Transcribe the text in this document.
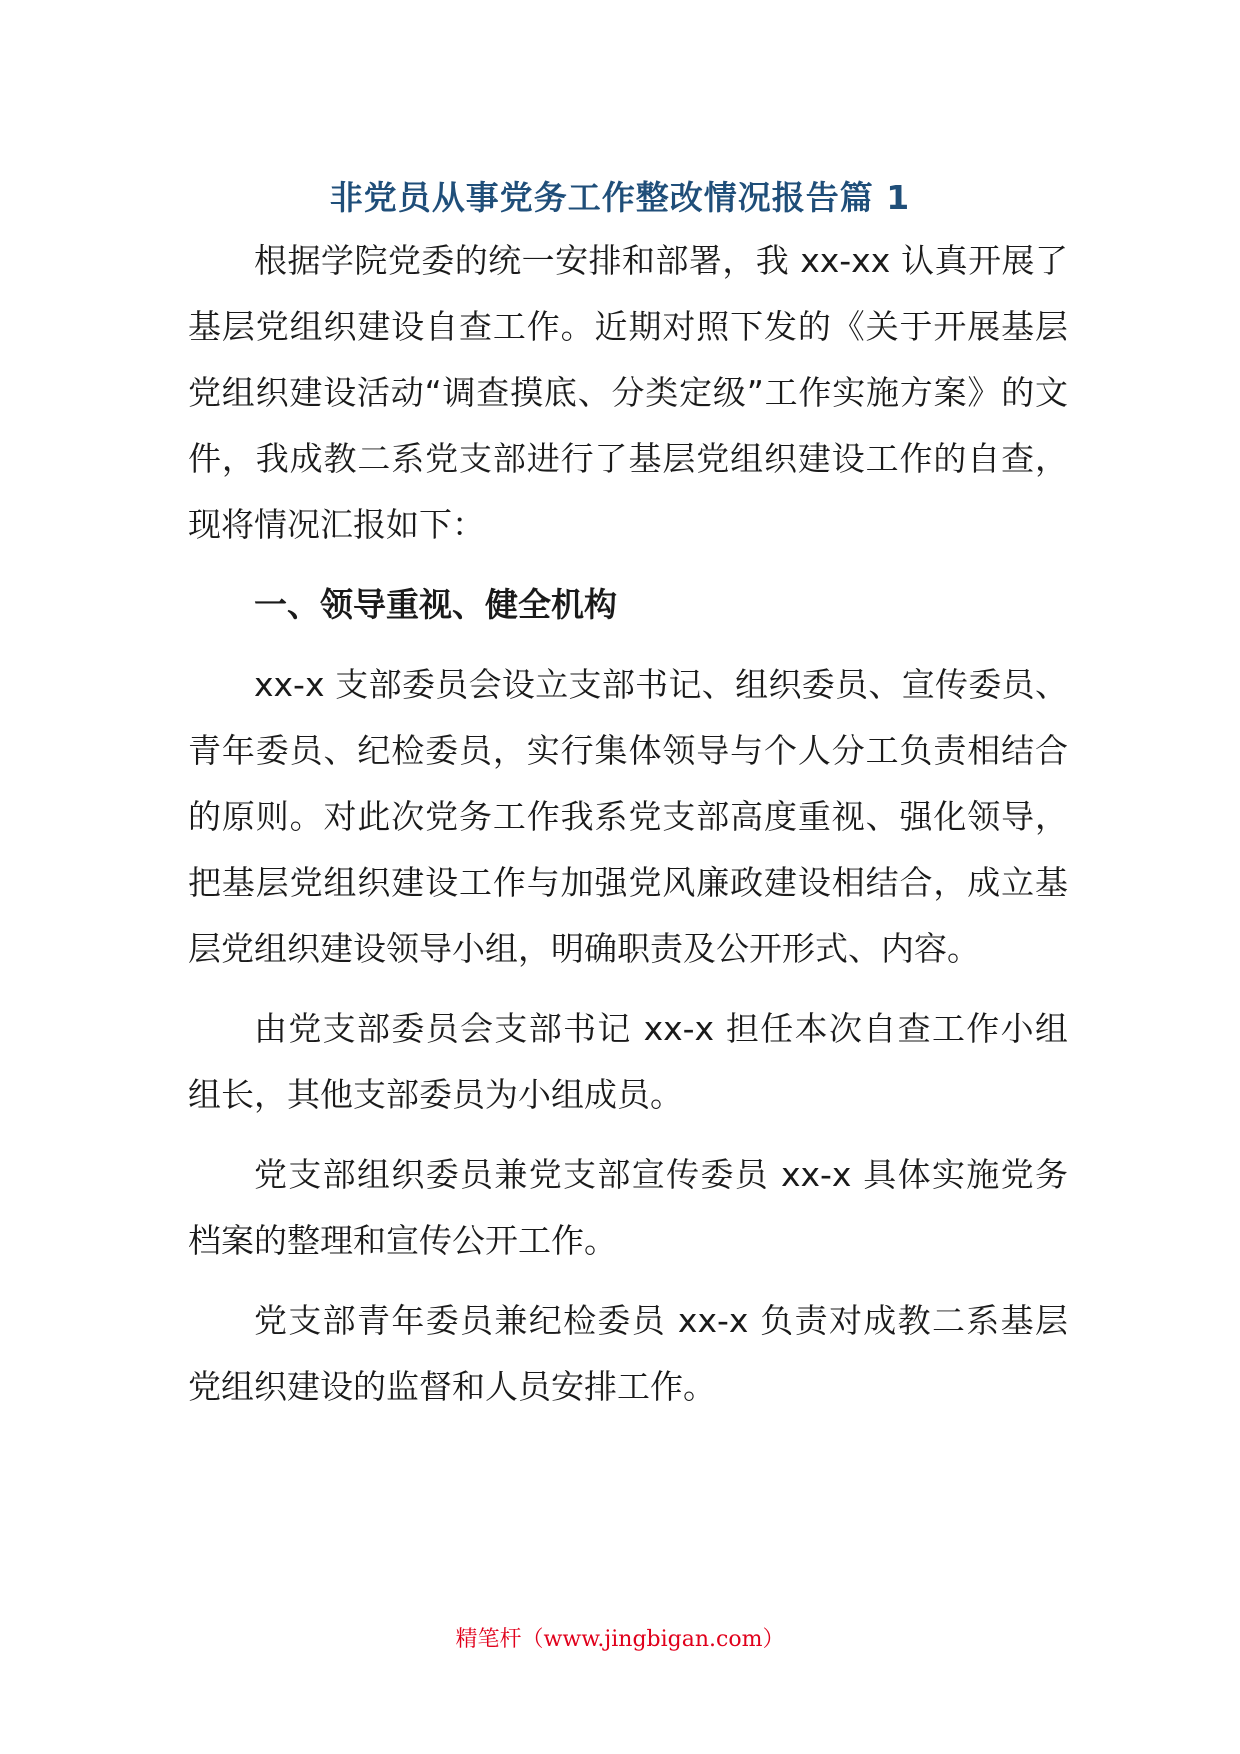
非党员从事党务工作整改情况报告篇 1

根据学院党委的统一安排和部署，我 xx-xx 认真开展了基层党组织建设自查工作。近期对照下发的《关于开展基层党组织建设活动“调查摸底、分类定级”工作实施方案》的文件，我成教二系党支部进行了基层党组织建设工作的自查，现将情况汇报如下：

一、领导重视、健全机构

xx-x 支部委员会设立支部书记、组织委员、宣传委员、青年委员、纪检委员，实行集体领导与个人分工负责相结合的原则。对此次党务工作我系党支部高度重视、强化领导，把基层党组织建设工作与加强党风廉政建设相结合，成立基层党组织建设领导小组，明确职责及公开形式、内容。

由党支部委员会支部书记 xx-x 担任本次自查工作小组组长，其他支部委员为小组成员。

党支部组织委员兼党支部宣传委员 xx-x 具体实施党务档案的整理和宣传公开工作。

党支部青年委员兼纪检委员 xx-x 负责对成教二系基层党组织建设的监督和人员安排工作。

精笔杆（www.jingbigan.com）
